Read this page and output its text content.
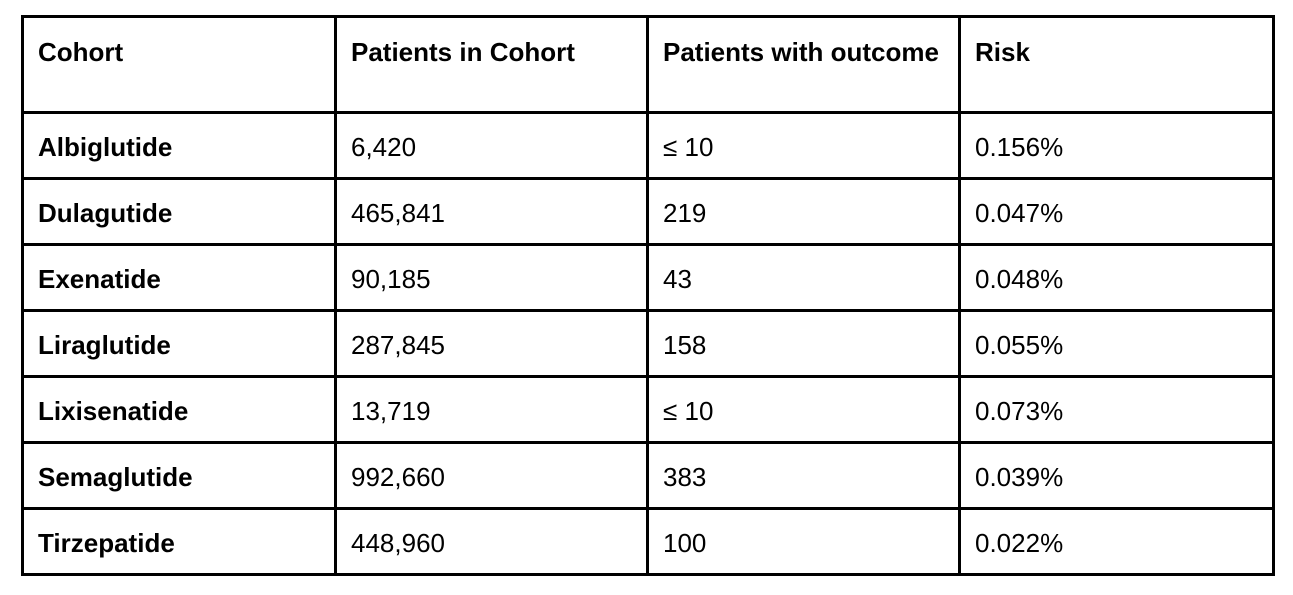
Cohort	Patients in Cohort	Patients with outcome	Risk
Albiglutide	6,420	≤ 10	0.156%
Dulagutide	465,841	219	0.047%
Exenatide	90,185	43	0.048%
Liraglutide	287,845	158	0.055%
Lixisenatide	13,719	≤ 10	0.073%
Semaglutide	992,660	383	0.039%
Tirzepatide	448,960	100	0.022%
